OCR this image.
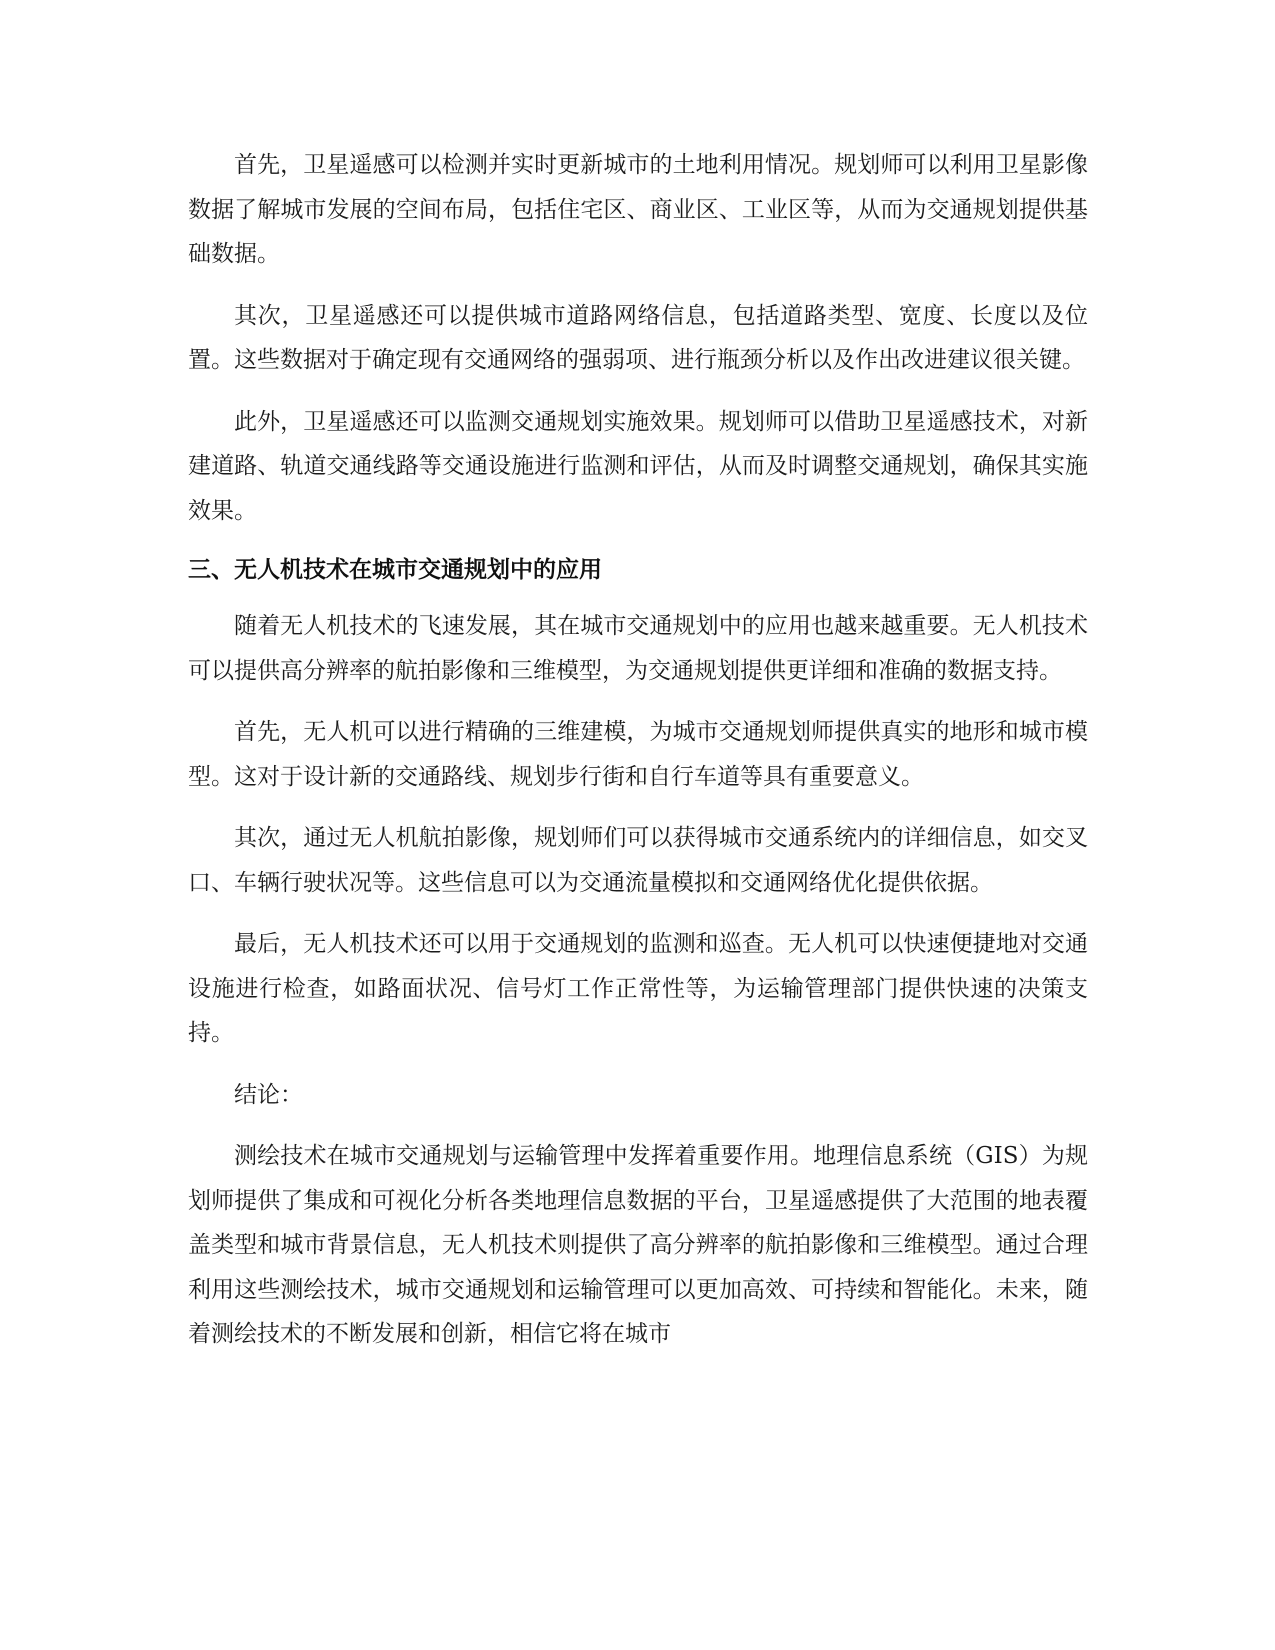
首先，卫星遥感可以检测并实时更新城市的土地利用情况。规划师可以利用卫星影像数据了解城市发展的空间布局，包括住宅区、商业区、工业区等，从而为交通规划提供基础数据。

其次，卫星遥感还可以提供城市道路网络信息，包括道路类型、宽度、长度以及位置。这些数据对于确定现有交通网络的强弱项、进行瓶颈分析以及作出改进建议很关键。

此外，卫星遥感还可以监测交通规划实施效果。规划师可以借助卫星遥感技术，对新建道路、轨道交通线路等交通设施进行监测和评估，从而及时调整交通规划，确保其实施效果。

三、无人机技术在城市交通规划中的应用

随着无人机技术的飞速发展，其在城市交通规划中的应用也越来越重要。无人机技术可以提供高分辨率的航拍影像和三维模型，为交通规划提供更详细和准确的数据支持。

首先，无人机可以进行精确的三维建模，为城市交通规划师提供真实的地形和城市模型。这对于设计新的交通路线、规划步行街和自行车道等具有重要意义。

其次，通过无人机航拍影像，规划师们可以获得城市交通系统内的详细信息，如交叉口、车辆行驶状况等。这些信息可以为交通流量模拟和交通网络优化提供依据。

最后，无人机技术还可以用于交通规划的监测和巡查。无人机可以快速便捷地对交通设施进行检查，如路面状况、信号灯工作正常性等，为运输管理部门提供快速的决策支持。

结论：

测绘技术在城市交通规划与运输管理中发挥着重要作用。地理信息系统（GIS）为规划师提供了集成和可视化分析各类地理信息数据的平台，卫星遥感提供了大范围的地表覆盖类型和城市背景信息，无人机技术则提供了高分辨率的航拍影像和三维模型。通过合理利用这些测绘技术，城市交通规划和运输管理可以更加高效、可持续和智能化。未来，随着测绘技术的不断发展和创新，相信它将在城市
